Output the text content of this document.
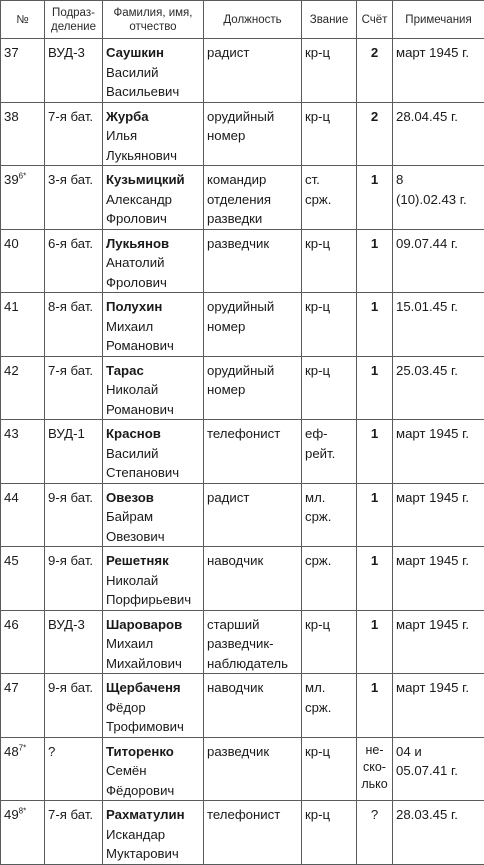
№	Подраз-
деление	Фамилия, имя,
отчество	Должность	Звание	Счёт	Примечания
37	ВУД-3	Саушкин
Василий
Васильевич	радист	кр-ц	2	март 1945 г.
38	7-я бат.	Журба
Илья
Лукьянович	орудийный
номер	кр-ц	2	28.04.45 г.
$39^{6*}$	3-я бат.	Кузьмицкий
Александр
Фролович	командир
отделения
разведки	ст.
срж.	1	8
(10).02.43 г.
40	6-я бат.	Лукьянов
Анатолий
Фролович	разведчик	кр-ц	1	09.07.44 г.
41	8-я бат.	Полухин
Михаил
Романович	орудийный
номер	кр-ц	1	15.01.45 г.
42	7-я бат.	Тарас
Николай
Романович	орудийный
номер	кр-ц	1	25.03.45 г.
43	ВУД-1	Краснов
Василий
Степанович	телефонист	еф-
рейт.	1	март 1945 г.
44	9-я бат.	Овезов
Байрам
Овезович	радист	мл.
срж.	1	март 1945 г.
45	9-я бат.	Решетняк
Николай
Порфирьевич	наводчик	срж.	1	март 1945 г.
46	ВУД-3	Шароваров
Михаил
Михайлович	старший
разведчик-
наблюдатель	кр-ц	1	март 1945 г.
47	9-я бат.	Щербаченя
Фёдор
Трофимович	наводчик	мл.
срж.	1	март 1945 г.
$48^{7*}$	?	Титоренко
Семён
Фёдорович	разведчик	кр-ц	не-
ско-
лько	04 и
05.07.41 г.
$49^{8*}$	7-я бат.	Рахматулин
Искандар
Муктарович	телефонист	кр-ц	?	28.03.45 г.
